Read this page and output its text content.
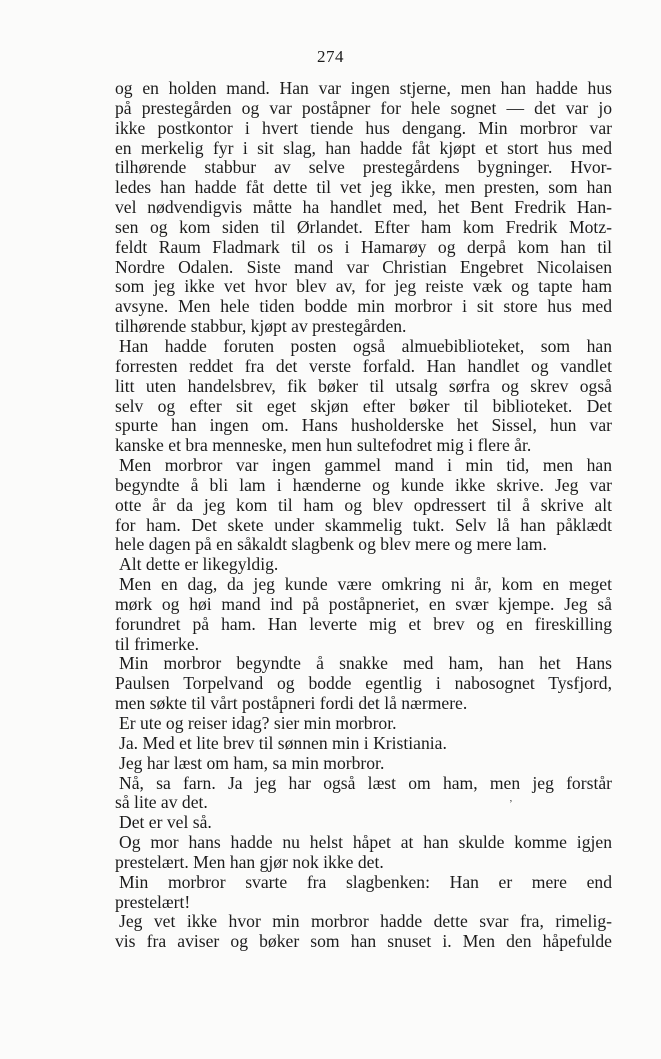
274
og en holden mand. Han var ingen stjerne, men han hadde hus
på prestegården og var poståpner for hele sognet — det var jo
ikke postkontor i hvert tiende hus dengang. Min morbror var
en merkelig fyr i sit slag, han hadde fåt kjøpt et stort hus med
tilhørende stabbur av selve prestegårdens bygninger. Hvor-
ledes han hadde fåt dette til vet jeg ikke, men presten, som han
vel nødvendigvis måtte ha handlet med, het Bent Fredrik Han-
sen og kom siden til Ørlandet. Efter ham kom Fredrik Motz-
feldt Raum Fladmark til os i Hamarøy og derpå kom han til
Nordre Odalen. Siste mand var Christian Engebret Nicolaisen
som jeg ikke vet hvor blev av, for jeg reiste væk og tapte ham
avsyne. Men hele tiden bodde min morbror i sit store hus med
tilhørende stabbur, kjøpt av prestegården.
Han hadde foruten posten også almuebiblioteket, som han
forresten reddet fra det verste forfald. Han handlet og vandlet
litt uten handelsbrev, fik bøker til utsalg sørfra og skrev også
selv og efter sit eget skjøn efter bøker til biblioteket. Det
spurte han ingen om. Hans husholderske het Sissel, hun var
kanske et bra menneske, men hun sultefodret mig i flere år.
Men morbror var ingen gammel mand i min tid, men han
begyndte å bli lam i hænderne og kunde ikke skrive. Jeg var
otte år da jeg kom til ham og blev opdressert til å skrive alt
for ham. Det skete under skammelig tukt. Selv lå han påklædt
hele dagen på en såkaldt slagbenk og blev mere og mere lam.
Alt dette er likegyldig.
Men en dag, da jeg kunde være omkring ni år, kom en meget
mørk og høi mand ind på poståpneriet, en svær kjempe. Jeg så
forundret på ham. Han leverte mig et brev og en fireskilling
til frimerke.
Min morbror begyndte å snakke med ham, han het Hans
Paulsen Torpelvand og bodde egentlig i nabosognet Tysfjord,
men søkte til vårt poståpneri fordi det lå nærmere.
Er ute og reiser idag? sier min morbror.
Ja. Med et lite brev til sønnen min i Kristiania.
Jeg har læst om ham, sa min morbror.
Nå, sa farn. Ja jeg har også læst om ham, men jeg forstår
så lite av det.
Det er vel så.
Og mor hans hadde nu helst håpet at han skulde komme igjen
prestelært. Men han gjør nok ikke det.
Min morbror svarte fra slagbenken: Han er mere end
prestelært!
Jeg vet ikke hvor min morbror hadde dette svar fra, rimelig-
vis fra aviser og bøker som han snuset i. Men den håpefulde
’
